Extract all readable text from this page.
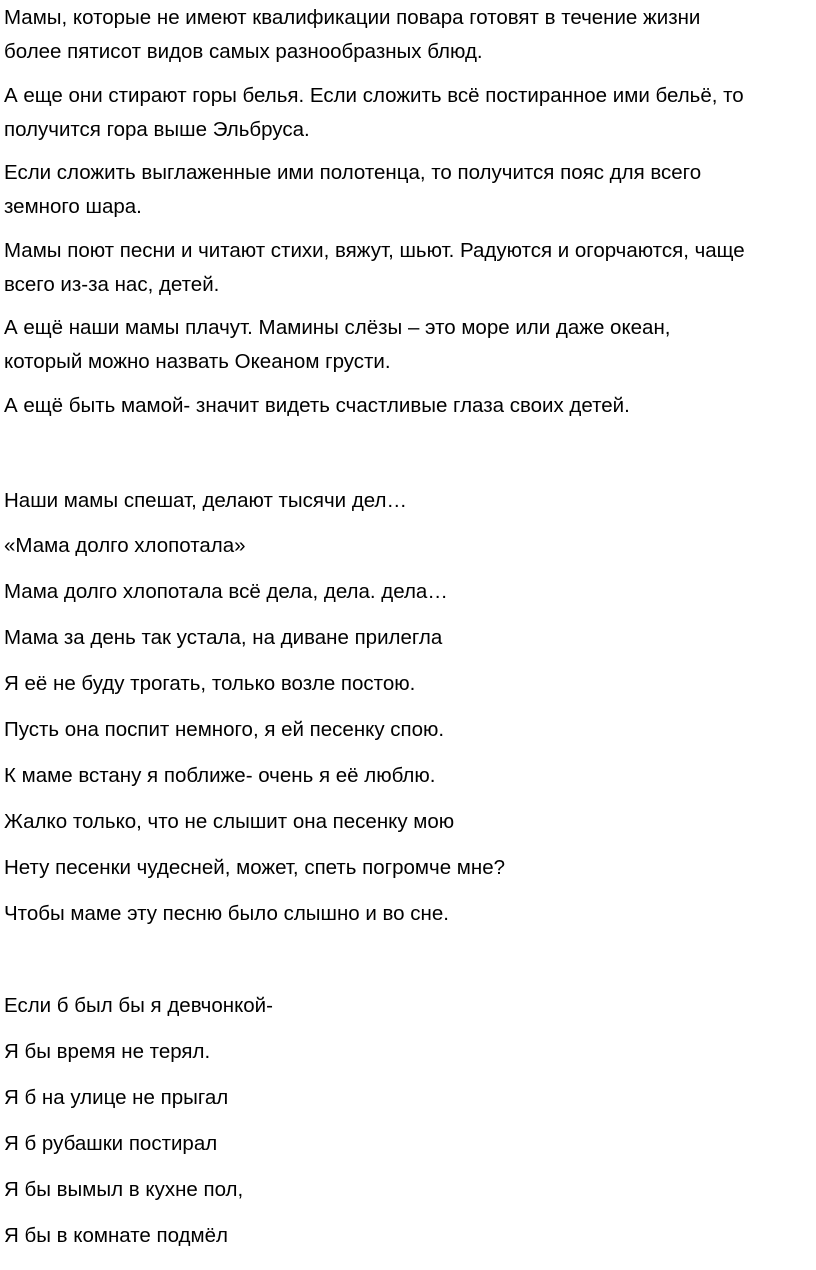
Мамы, которые не имеют квалификации повара готовят в течение жизни
более пятисот видов самых разнообразных блюд.

А еще они стирают горы белья. Если сложить всё постиранное ими бельё, то
получится гора выше Эльбруса.

Если сложить выглаженные ими полотенца, то получится пояс для всего
земного шара.

Мамы поют песни и читают стихи, вяжут, шьют. Радуются и огорчаются, чаще
всего из-за нас, детей.

А ещё наши мамы плачут. Мамины слёзы – это море или даже океан,
который можно назвать Океаном грусти.

А ещё быть мамой- значит видеть счастливые глаза своих детей.

Наши мамы спешат, делают тысячи дел…

«Мама долго хлопотала»

Мама долго хлопотала всё дела, дела. дела…

Мама за день так устала, на диване прилегла

Я её не буду трогать, только возле постою.

Пусть она поспит немного, я ей песенку спою.

К маме встану я поближе- очень я её люблю.

Жалко только, что не слышит она песенку мою

Нету песенки чудесней, может, спеть погромче мне?

Чтобы маме эту песню было слышно и во сне.

Если б был бы я девчонкой-

Я бы время не терял.

Я б на улице не прыгал

Я б рубашки постирал

Я бы вымыл в кухне пол,

Я бы в комнате подмёл
